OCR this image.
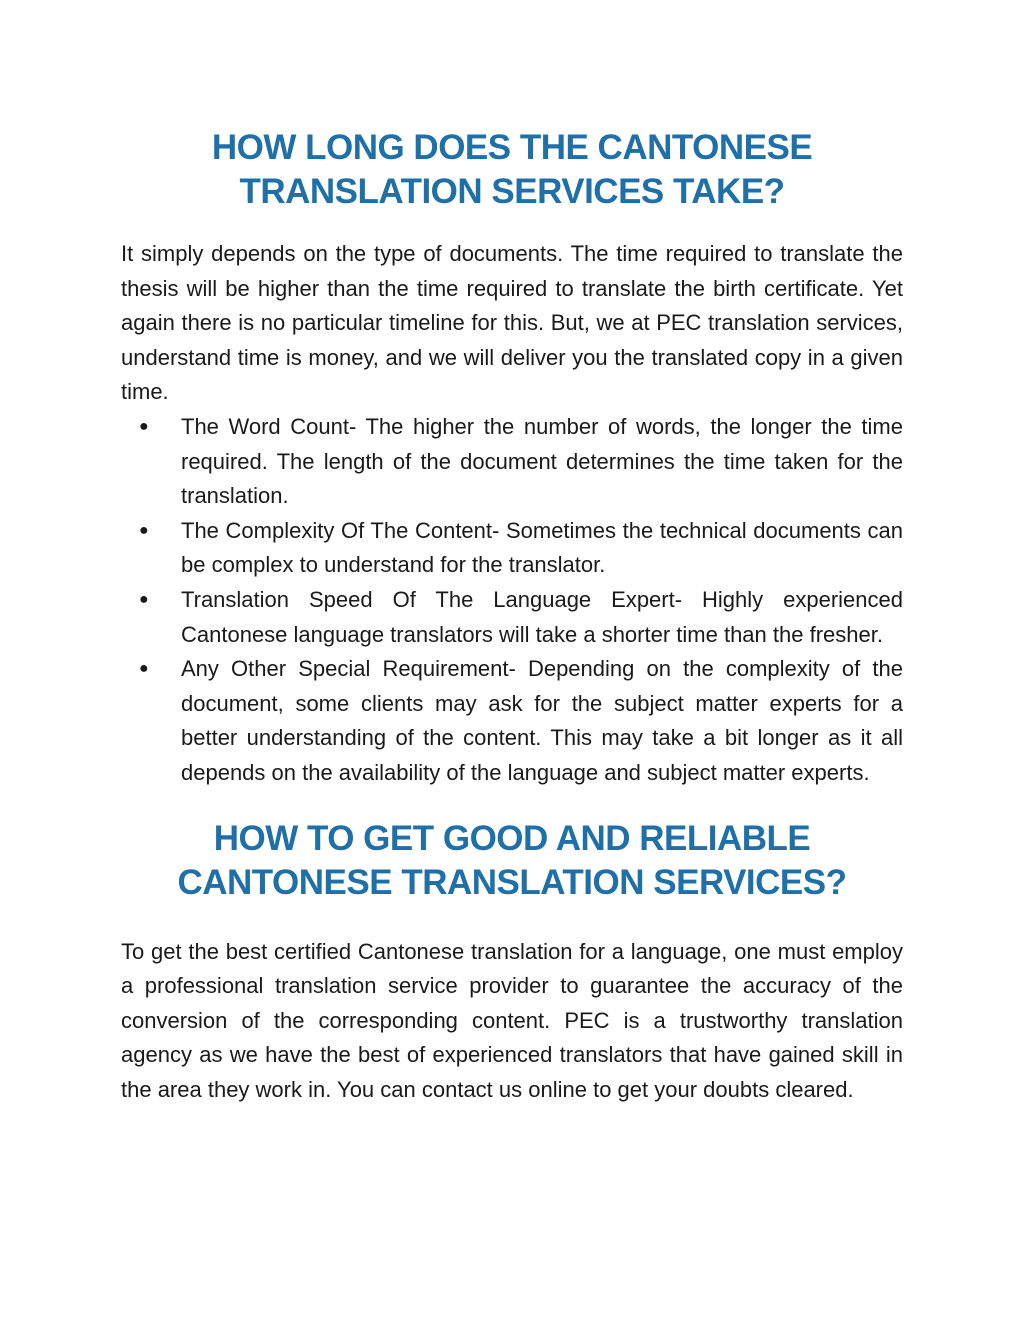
HOW LONG DOES THE CANTONESE
TRANSLATION SERVICES TAKE?

It simply depends on the type of documents. The time required to translate the thesis will be higher than the time required to translate the birth certificate. Yet again there is no particular timeline for this. But, we at PEC translation services, understand time is money, and we will deliver you the translated copy in a given time.

● The Word Count- The higher the number of words, the longer the time required. The length of the document determines the time taken for the translation.
● The Complexity Of The Content- Sometimes the technical documents can be complex to understand for the translator.
● Translation Speed Of The Language Expert- Highly experienced Cantonese language translators will take a shorter time than the fresher.
● Any Other Special Requirement- Depending on the complexity of the document, some clients may ask for the subject matter experts for a better understanding of the content. This may take a bit longer as it all depends on the availability of the language and subject matter experts.
HOW TO GET GOOD AND RELIABLE
CANTONESE TRANSLATION SERVICES?

To get the best certified Cantonese translation for a language, one must employ a professional translation service provider to guarantee the accuracy of the conversion of the corresponding content. PEC is a trustworthy translation agency as we have the best of experienced translators that have gained skill in the area they work in. You can contact us online to get your doubts cleared.
